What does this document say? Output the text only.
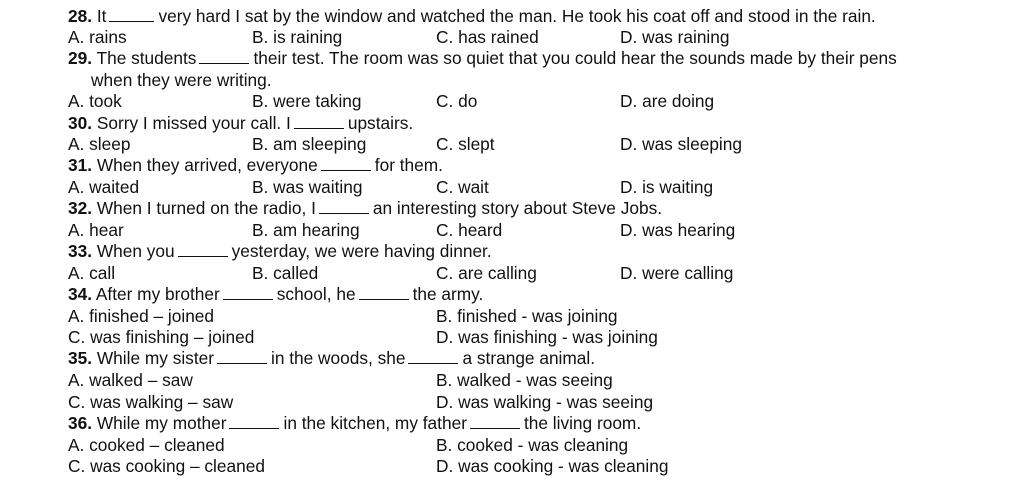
28. It	very hard I sat by the window and watched the man. He took his coat off and stood in the rain.
A. rains	B. is raining	C. has rained	D. was raining
29. The students	their test. The room was so quiet that you could hear the sounds made by their pens
when they were writing.
A. took	B. were taking	C. do	D. are doing
30. Sorry I missed your call. I	upstairs.
A. sleep	B. am sleeping	C. slept	D. was sleeping
31. When they arrived, everyone	for them.
A. waited	B. was waiting	C. wait	D. is waiting
32. When I turned on the radio, I	an interesting story about Steve Jobs.
A. hear	B. am hearing	C. heard	D. was hearing
33. When you	yesterday, we were having dinner.
A. call	B. called	C. are calling	D. were calling
34. After my brother	school, he	the army.
A. finished – joined	B. finished - was joining
C. was finishing – joined	D. was finishing - was joining
35. While my sister	in the woods, she	a strange animal.
A. walked – saw	B. walked - was seeing
C. was walking – saw	D. was walking - was seeing
36. While my mother	in the kitchen, my father	the living room.
A. cooked – cleaned	B. cooked - was cleaning
C. was cooking – cleaned	D. was cooking - was cleaning
